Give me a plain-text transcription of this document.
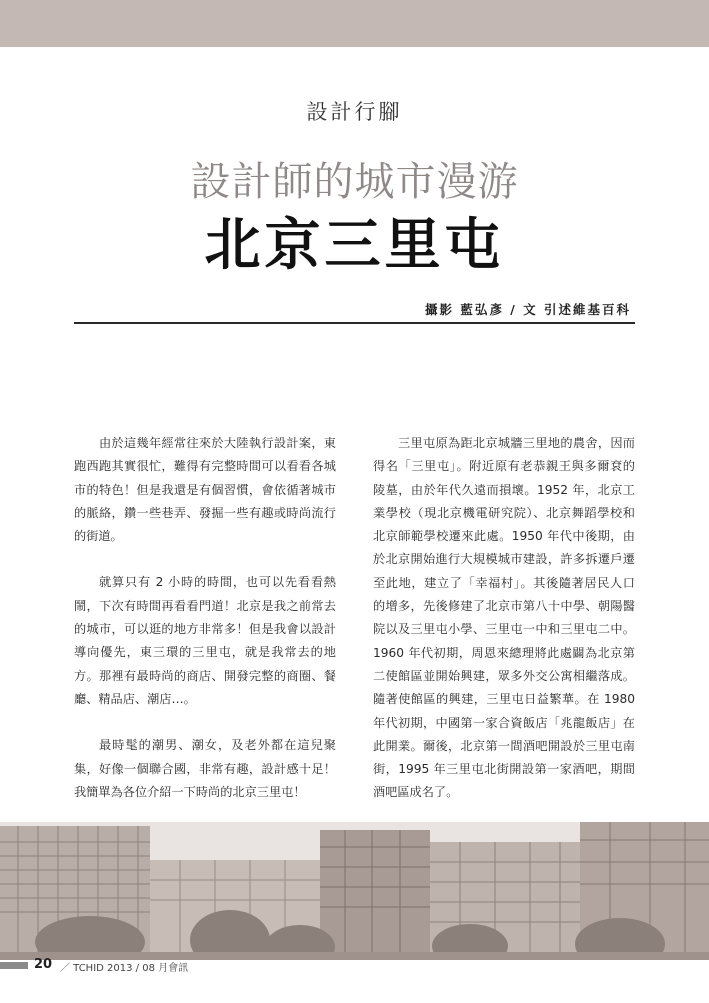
設計行腳
設計師的城市漫游
北京三里屯
攝影 藍弘彥 / 文 引述維基百科

由於這幾年經常往來於大陸執行設計案，東跑西跑其實很忙，難得有完整時間可以看看各城市的特色！但是我還是有個習慣，會依循著城市的脈絡，鑽一些巷弄、發掘一些有趣或時尚流行的街道。

就算只有 2 小時的時間，也可以先看看熱鬧，下次有時間再看看門道！北京是我之前常去的城市，可以逛的地方非常多！但是我會以設計導向優先，東三環的三里屯，就是我常去的地方。那裡有最時尚的商店、開發完整的商圈、餐廳、精品店、潮店…。

最時髦的潮男、潮女，及老外都在這兒聚集，好像一個聯合國，非常有趣，設計感十足！我簡單為各位介紹一下時尚的北京三里屯！

三里屯原為距北京城牆三里地的農舍，因而得名「三里屯」。附近原有老恭親王與多爾袞的陵墓，由於年代久遠而損壞。1952 年，北京工業學校（現北京機電研究院）、北京舞蹈學校和北京師範學校遷來此處。1950 年代中後期，由於北京開始進行大規模城市建設，許多拆遷戶遷至此地，建立了「幸福村」。其後隨著居民人口的增多，先後修建了北京市第八十中學、朝陽醫院以及三里屯小學、三里屯一中和三里屯二中。1960 年代初期，周恩來總理將此處闢為北京第二使館區並開始興建，眾多外交公寓相繼落成。隨著使館區的興建，三里屯日益繁華。在 1980 年代初期，中國第一家合資飯店「兆龍飯店」在此開業。爾後，北京第一間酒吧開設於三里屯南街，1995 年三里屯北街開設第一家酒吧，期間酒吧區成名了。

20 ／ TCHID 2013 / 08 月會訊
